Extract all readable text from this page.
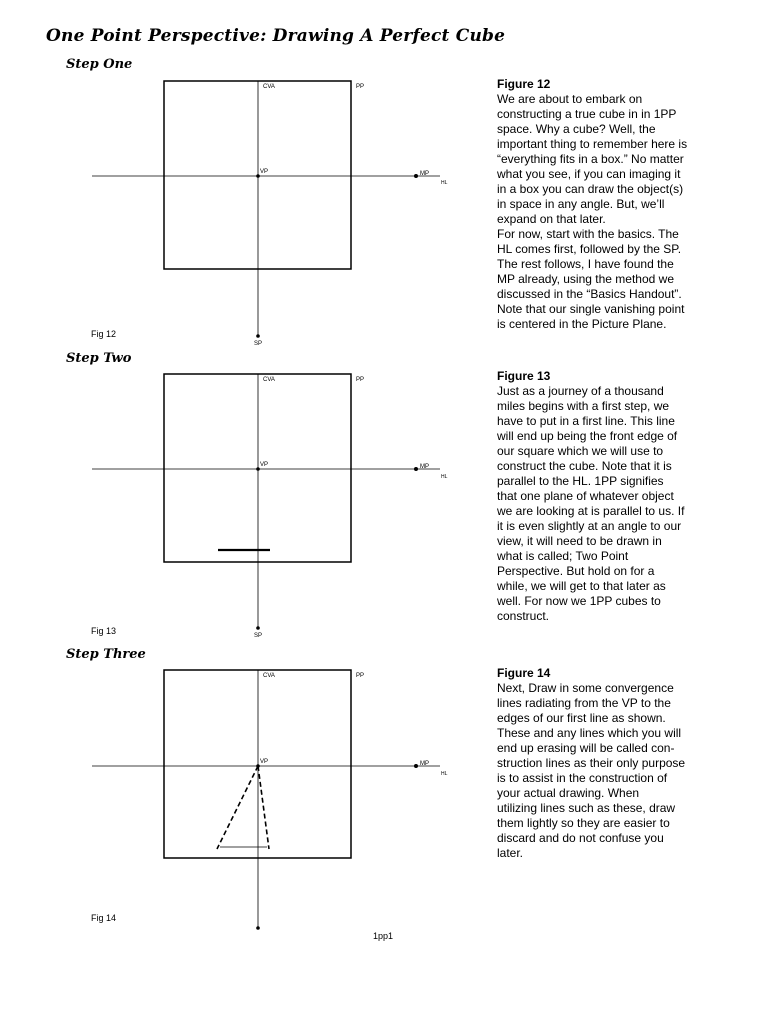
One Point Perspective: Drawing A Perfect Cube
Step One
CVA	PP
VP	MP
HL
SP
Fig 12
Figure 12
We are about to embark on
constructing a true cube in in 1PP
space. Why a cube? Well, the
important thing to remember here is
“everything fits in a box.” No matter
what you see, if you can imaging it
in a box you can draw the object(s)
in space in any angle. But, we’ll
expand on that later.
For now, start with the basics. The
HL comes first, followed by the SP.
The rest follows, I have found the
MP already, using the method we
discussed in the “Basics Handout”.
Note that our single vanishing point
is centered in the Picture Plane.
Step Two
CVA	PP
VP	MP
HL
SP
Fig 13
Figure 13
Just as a journey of a thousand
miles begins with a first step, we
have to put in a first line. This line
will end up being the front edge of
our square which we will use to
construct the cube. Note that it is
parallel to the HL. 1PP signifies
that one plane of whatever object
we are looking at is parallel to us. If
it is even slightly at an angle to our
view, it will need to be drawn in
what is called; Two Point
Perspective. But hold on for a
while, we will get to that later as
well. For now we 1PP cubes to
construct.
Step Three
CVA	PP
VP	MP
HL
Fig 14
Figure 14
Next, Draw in some convergence
lines radiating from the VP to the
edges of our first line as shown.
These and any lines which you will
end up erasing will be called con-
struction lines as their only purpose
is to assist in the construction of
your actual drawing. When
utilizing lines such as these, draw
them lightly so they are easier to
discard and do not confuse you
later.
1pp1
